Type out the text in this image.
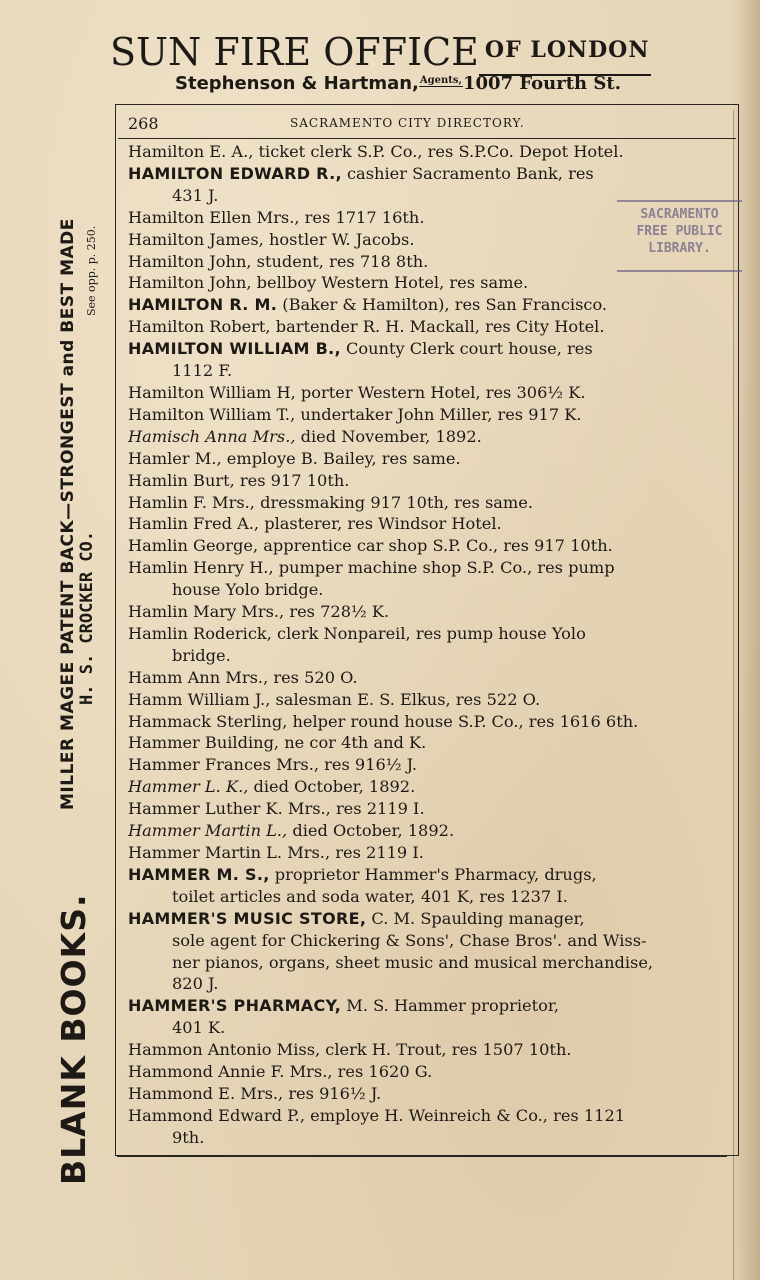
SUN FIRE OFFICE OF LONDON
Stephenson & Hartman,$^{Agents,}$1007 Fourth St.
BLANK BOOKS.
MILLER MAGEE PATENT BACK—STRONGEST and BEST MADE H. S. CROCKER CO.
See opp. p. 250.
268	SACRAMENTO CITY DIRECTORY.
Hamilton E. A., ticket clerk S.P. Co., res S.P.Co. Depot Hotel.
HAMILTON EDWARD R., cashier Sacramento Bank, res
431 J.
Hamilton Ellen Mrs., res 1717 16th.
Hamilton James, hostler W. Jacobs.
Hamilton John, student, res 718 8th.
Hamilton John, bellboy Western Hotel, res same.
HAMILTON R. M. (Baker & Hamilton), res San Francisco.
Hamilton Robert, bartender R. H. Mackall, res City Hotel.
HAMILTON WILLIAM B., County Clerk court house, res
1112 F.
Hamilton William H, porter Western Hotel, res 306½ K.
Hamilton William T., undertaker John Miller, res 917 K.
Hamisch Anna Mrs., died November, 1892.
Hamler M., employe B. Bailey, res same.
Hamlin Burt, res 917 10th.
Hamlin F. Mrs., dressmaking 917 10th, res same.
Hamlin Fred A., plasterer, res Windsor Hotel.
Hamlin George, apprentice car shop S.P. Co., res 917 10th.
Hamlin Henry H., pumper machine shop S.P. Co., res pump
house Yolo bridge.
Hamlin Mary Mrs., res 728½ K.
Hamlin Roderick, clerk Nonpareil, res pump house Yolo
bridge.
Hamm Ann Mrs., res 520 O.
Hamm William J., salesman E. S. Elkus, res 522 O.
Hammack Sterling, helper round house S.P. Co., res 1616 6th.
Hammer Building, ne cor 4th and K.
Hammer Frances Mrs., res 916½ J.
Hammer L. K., died October, 1892.
Hammer Luther K. Mrs., res 2119 I.
Hammer Martin L., died October, 1892.
Hammer Martin L. Mrs., res 2119 I.
HAMMER M. S., proprietor Hammer's Pharmacy, drugs,
toilet articles and soda water, 401 K, res 1237 I.
HAMMER'S MUSIC STORE, C. M. Spaulding manager,
sole agent for Chickering & Sons', Chase Bros'. and Wiss-
ner pianos, organs, sheet music and musical merchandise,
820 J.
HAMMER'S PHARMACY, M. S. Hammer proprietor,
401 K.
Hammon Antonio Miss, clerk H. Trout, res 1507 10th.
Hammond Annie F. Mrs., res 1620 G.
Hammond E. Mrs., res 916½ J.
Hammond Edward P., employe H. Weinreich & Co., res 1121
9th.
SACRAMENTO
FREE PUBLIC
LIBRARY.
